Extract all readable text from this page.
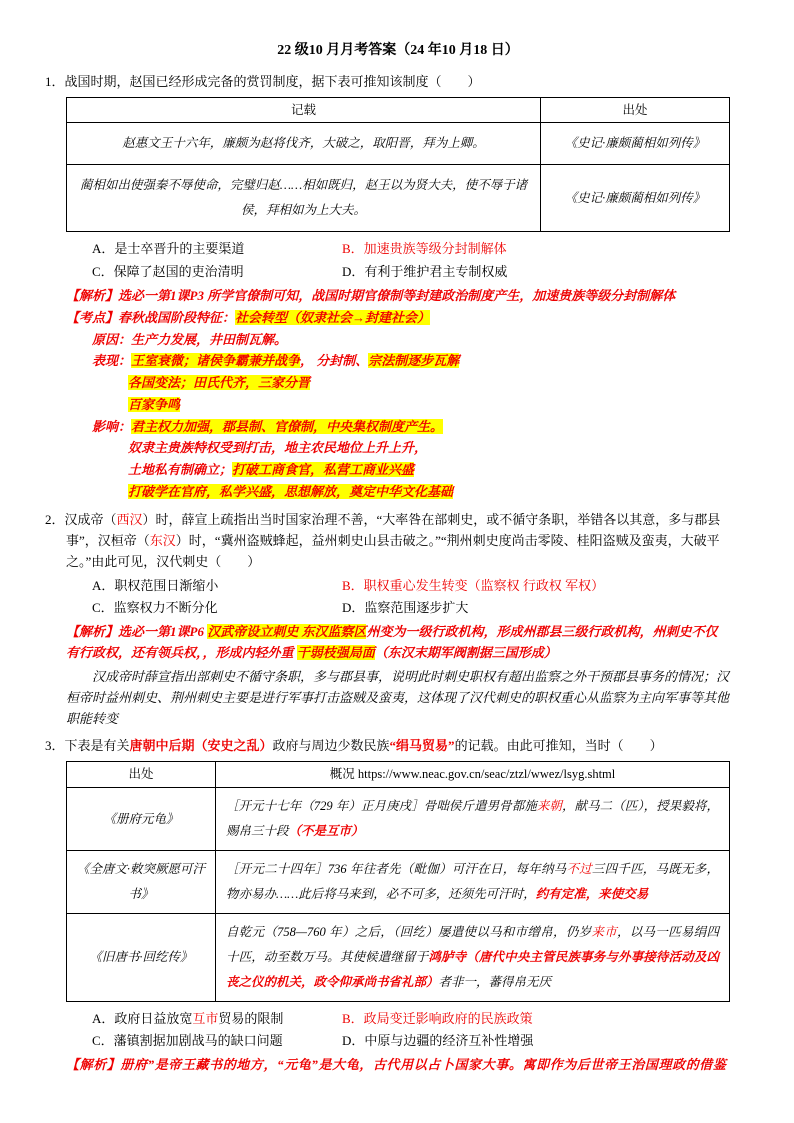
22 级10 月月考答案（24 年10 月18 日）

1．战国时期，赵国已经形成完备的赏罚制度，据下表可推知该制度（　　）

记载	出处
赵惠文王十六年，廉颇为赵将伐齐，大破之，取阳晋，拜为上卿。	《史记·廉颇蔺相如列传》
蔺相如出使强秦不辱使命，完璧归赵……相如既归，赵王以为贤大夫，使不辱于诸侯，拜相如为上大夫。	《史记·廉颇蔺相如列传》
A．是士卒晋升的主要渠道	B．加速贵族等级分封制解体
C．保障了赵国的吏治清明	D．有利于维护君主专制权威

【解析】选必一第1课P3 所学官僚制可知，战国时期官僚制等封建政治制度产生，加速贵族等级分封制解体

【考点】春秋战国阶段特征：社会转型（奴隶社会→封建社会）

原因：生产力发展，井田制瓦解。

表现：王室衰微；诸侯争霸兼并战争， 分封制、宗法制逐步瓦解

各国变法；田氏代齐，三家分晋

百家争鸣

影响：君主权力加强，郡县制、官僚制，中央集权制度产生。

奴隶主贵族特权受到打击，地主农民地位上升上升，

土地私有制确立；打破工商食官，私营工商业兴盛

打破学在官府，私学兴盛，思想解放，奠定中华文化基础

2．汉成帝（西汉）时，薛宣上疏指出当时国家治理不善，“大率咎在部刺史，或不循守条职，举错各以其意，多与郡县事”，汉桓帝（东汉）时，“冀州盗贼蜂起，益州刺史山县击破之。”“荆州刺史度尚击零陵、桂阳盗贼及蛮夷，大破平之。”由此可见，汉代刺史（　　）

A．职权范围日渐缩小	B．职权重心发生转变（监察权 行政权 军权）
C．监察权力不断分化	D．监察范围逐步扩大

【解析】选必一第1课P6 汉武帝设立刺史 东汉监察区州变为一级行政机构，形成州郡县三级行政机构，州刺史不仅有行政权，还有领兵权，，形成内轻外重 干弱枝强局面（东汉末期军阀割据三国形成）

汉成帝时薛宣指出部刺史不循守条职，多与郡县事，说明此时刺史职权有超出监察之外干预郡县事务的情况；汉桓帝时益州刺史、荆州刺史主要是进行军事打击盗贼及蛮夷，这体现了汉代刺史的职权重心从监察为主向军事等其他职能转变

3．下表是有关唐朝中后期（安史之乱）政府与周边少数民族“绢马贸易”的记载。由此可推知，当时（　　）

出处	概况 https://www.neac.gov.cn/seac/ztzl/wwez/lsyg.shtml
《册府元龟》	［开元十七年（729 年）正月庚戌］骨咄侯斤遣男骨都施来朝，献马二（匹），授果毅将，赐帛三十段（不是互市）
《全唐文·敕突厥愿可汗书》	［开元二十四年］736 年往者先（毗伽）可汗在日，每年纳马不过三四千匹，马既无多，物亦易办……此后将马来到，必不可多，还须先可汗时，约有定准，来使交易
《旧唐书·回纥传》	自乾元（758—760 年）之后，（回纥）屡遣使以马和市缯帛，仍岁来市，以马一匹易绢四十匹，动至数万马。其使候遣继留于鸿胪寺（唐代中央主管民族事务与外事接待活动及凶丧之仪的机关，政令仰承尚书省礼部）者非一，蕃得帛无厌
A．政府日益放宽互市贸易的限制	B．政局变迁影响政府的民族政策
C．藩镇割据加剧战马的缺口问题	D．中原与边疆的经济互补性增强

【解析】册府”是帝王藏书的地方，“元龟”是大龟，古代用以占卜国家大事。寓即作为后世帝王治国理政的借鉴
